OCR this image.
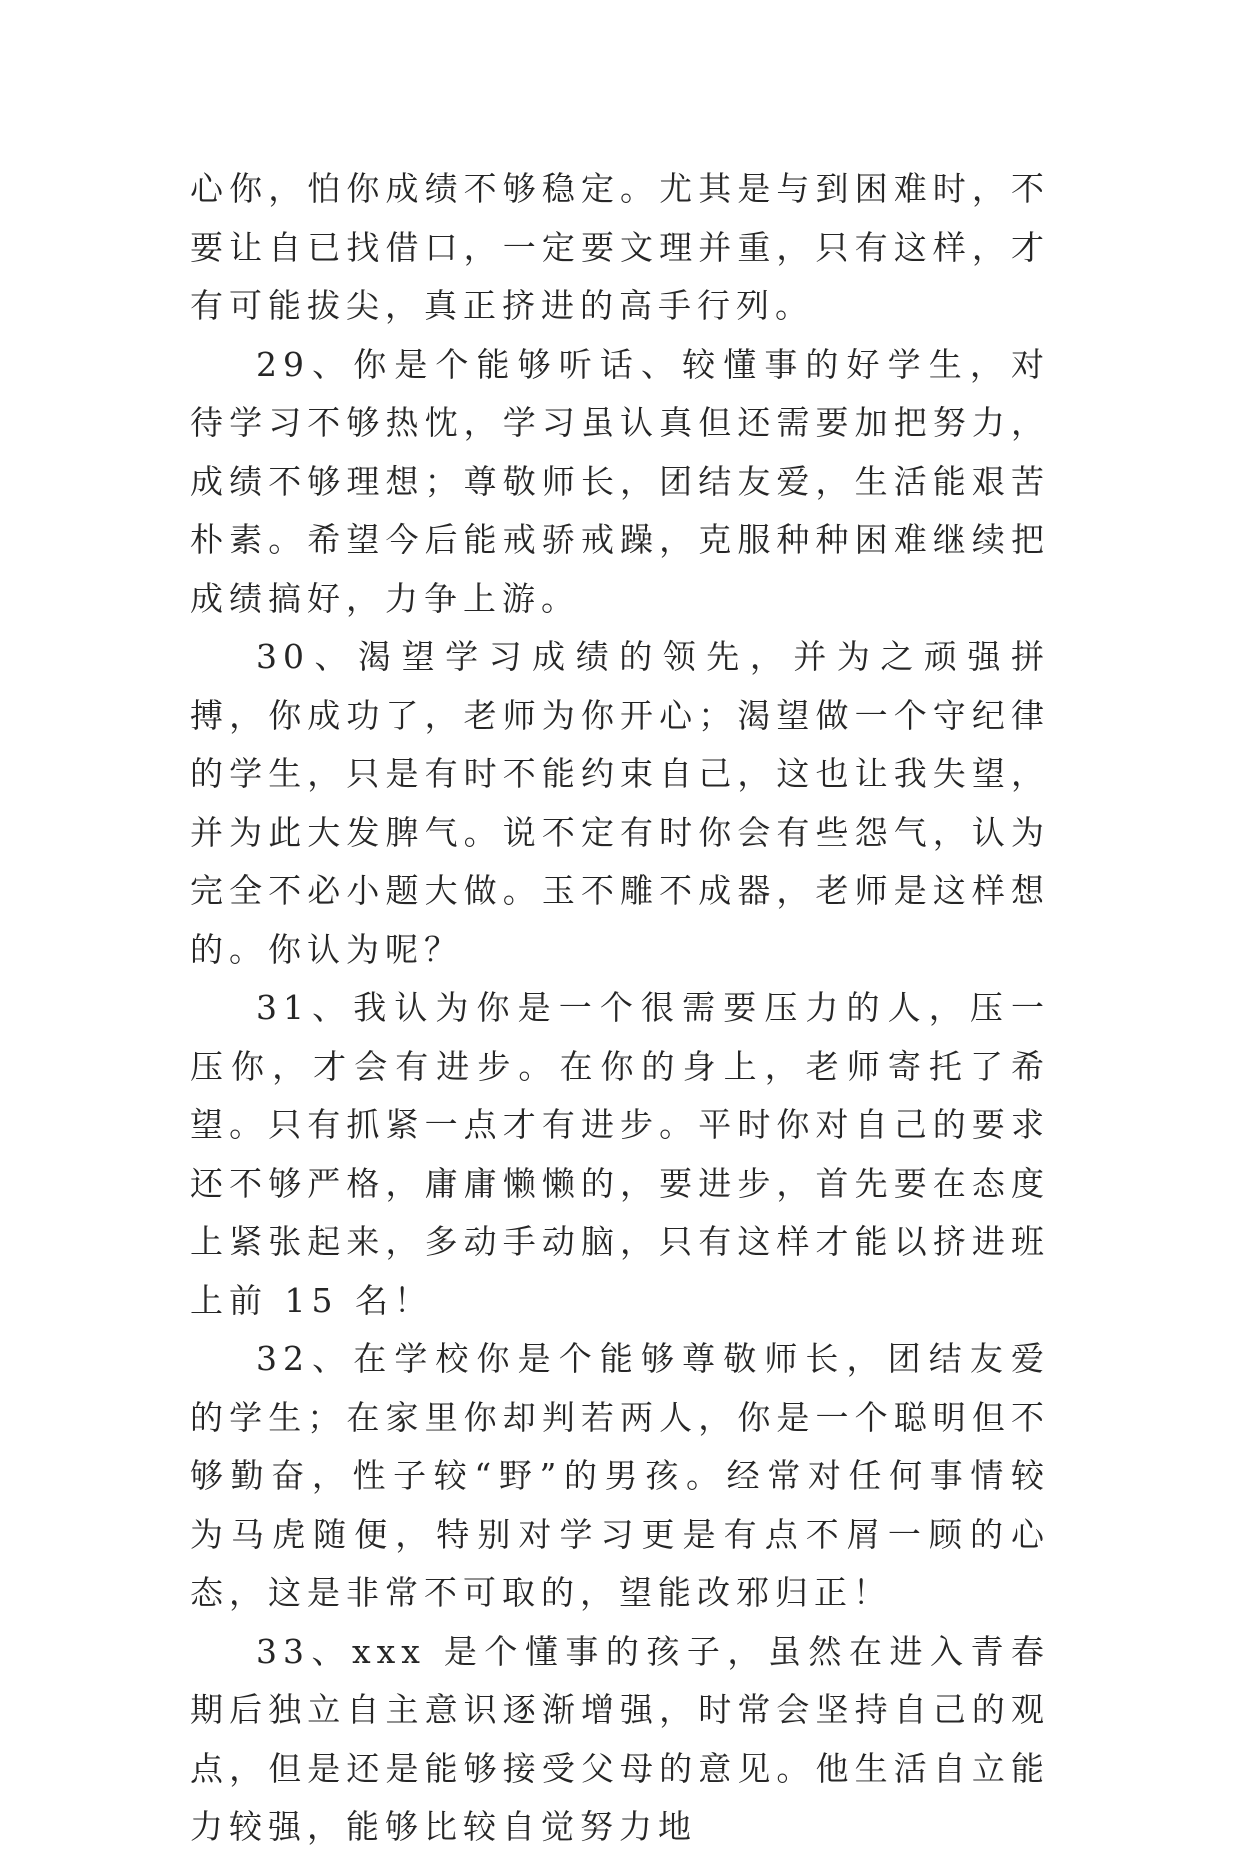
心你，怕你成绩不够稳定。尤其是与到困难时，不要让自已找借口，一定要文理并重，只有这样，才有可能拔尖，真正挤进的高手行列。

29、你是个能够听话、较懂事的好学生，对待学习不够热忱，学习虽认真但还需要加把努力，成绩不够理想；尊敬师长，团结友爱，生活能艰苦朴素。希望今后能戒骄戒躁，克服种种困难继续把成绩搞好，力争上游。

30、渴望学习成绩的领先，并为之顽强拼搏，你成功了，老师为你开心；渴望做一个守纪律的学生，只是有时不能约束自己，这也让我失望，并为此大发脾气。说不定有时你会有些怨气，认为完全不必小题大做。玉不雕不成器，老师是这样想的。你认为呢？

31、我认为你是一个很需要压力的人，压一压你，才会有进步。在你的身上，老师寄托了希望。只有抓紧一点才有进步。平时你对自己的要求还不够严格，庸庸懒懒的，要进步，首先要在态度上紧张起来，多动手动脑，只有这样才能以挤进班上前 15 名！

32、在学校你是个能够尊敬师长，团结友爱的学生；在家里你却判若两人，你是一个聪明但不够勤奋，性子较“野”的男孩。经常对任何事情较为马虎随便，特别对学习更是有点不屑一顾的心态，这是非常不可取的，望能改邪归正！

33、xxx 是个懂事的孩子，虽然在进入青春期后独立自主意识逐渐增强，时常会坚持自己的观点，但是还是能够接受父母的意见。他生活自立能力较强，能够比较自觉努力地
